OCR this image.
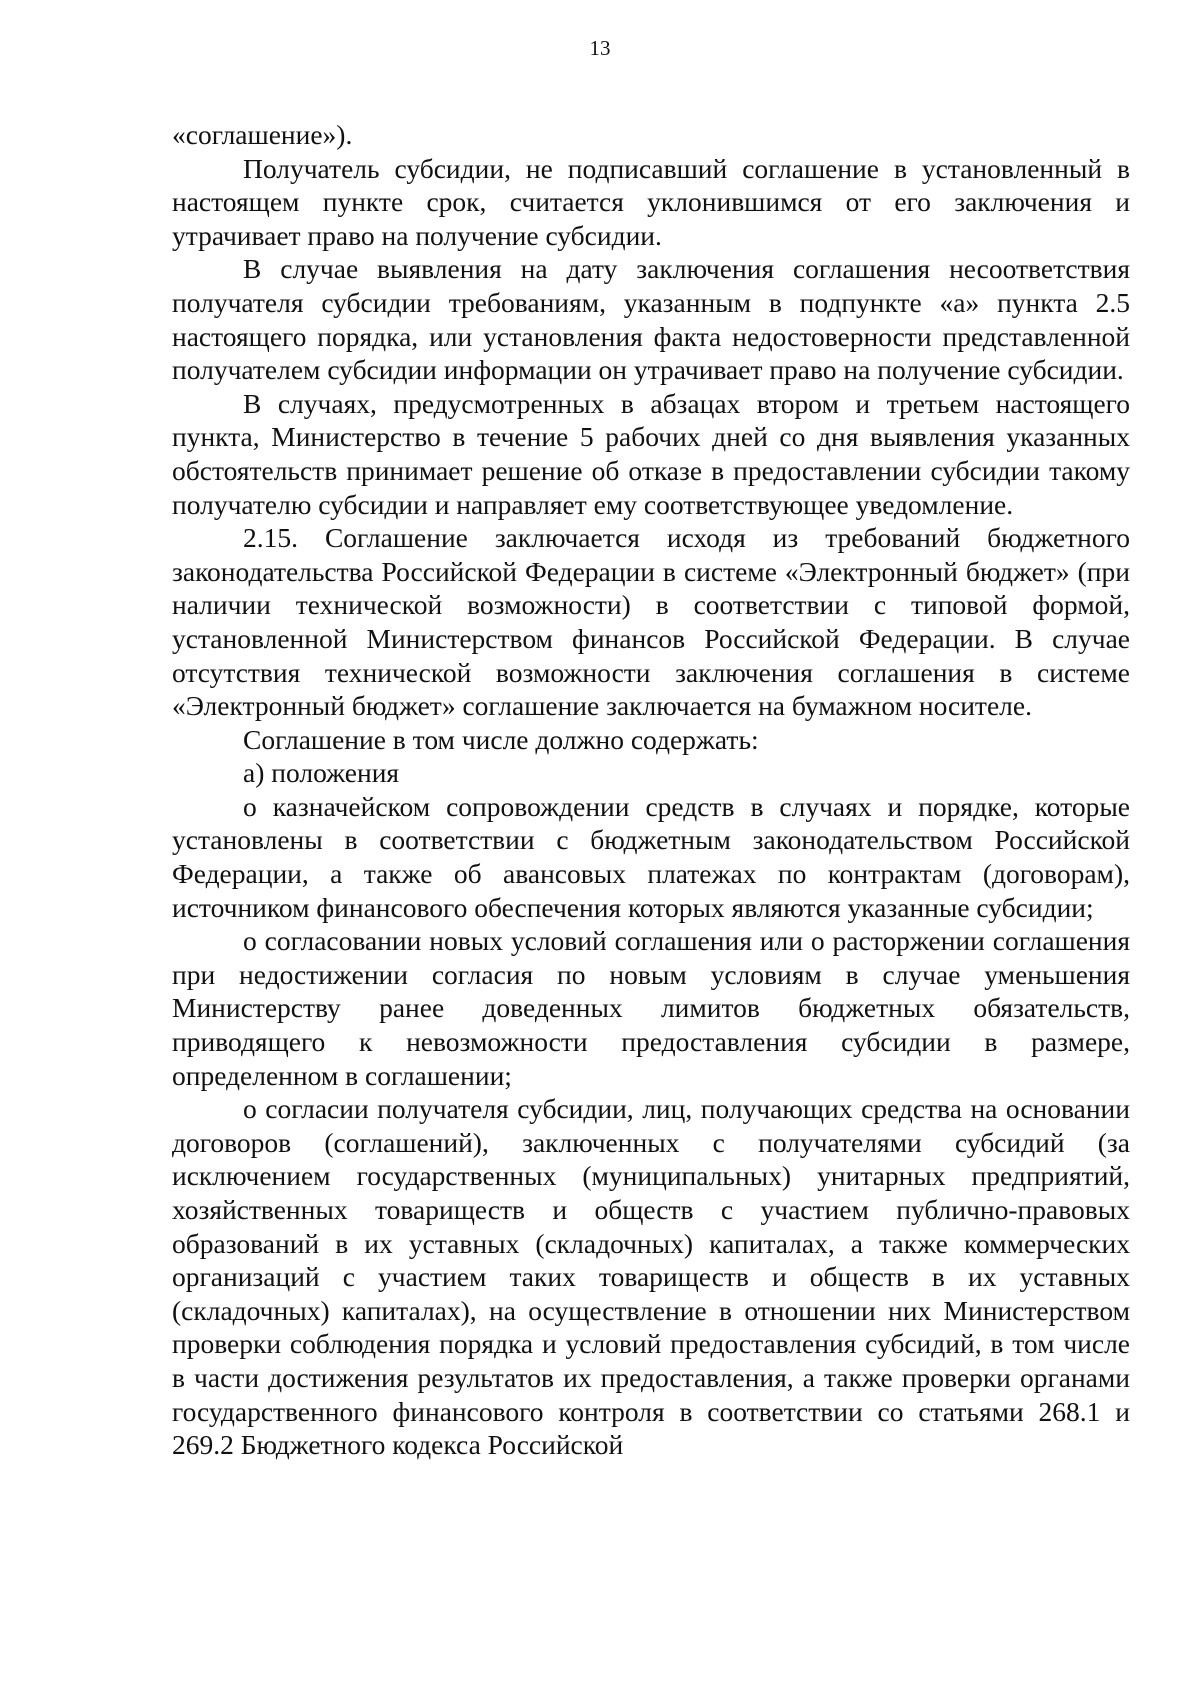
13

«соглашение»).

Получатель субсидии, не подписавший соглашение в установленный в настоящем пункте срок, считается уклонившимся от его заключения и утрачивает право на получение субсидии.

В случае выявления на дату заключения соглашения несоответствия получателя субсидии требованиям, указанным в подпункте «а» пункта 2.5 настоящего порядка, или установления факта недостоверности представленной получателем субсидии информации он утрачивает право на получение субсидии.

В случаях, предусмотренных в абзацах втором и третьем настоящего пункта, Министерство в течение 5 рабочих дней со дня выявления указанных обстоятельств принимает решение об отказе в предоставлении субсидии такому получателю субсидии и направляет ему соответствующее уведомление.

2.15. Соглашение заключается исходя из требований бюджетного законодательства Российской Федерации в системе «Электронный бюджет» (при наличии технической возможности) в соответствии с типовой формой, установленной Министерством финансов Российской Федерации. В случае отсутствия технической возможности заключения соглашения в системе «Электронный бюджет» соглашение заключается на бумажном носителе.

Соглашение в том числе должно содержать:

а) положения

о казначейском сопровождении средств в случаях и порядке, которые установлены в соответствии с бюджетным законодательством Российской Федерации, а также об авансовых платежах по контрактам (договорам), источником финансового обеспечения которых являются указанные субсидии;

о согласовании новых условий соглашения или о расторжении соглашения при недостижении согласия по новым условиям в случае уменьшения Министерству ранее доведенных лимитов бюджетных обязательств, приводящего к невозможности предоставления субсидии в размере, определенном в соглашении;

о согласии получателя субсидии, лиц, получающих средства на основании договоров (соглашений), заключенных с получателями субсидий (за исключением государственных (муниципальных) унитарных предприятий, хозяйственных товариществ и обществ с участием публично-правовых образований в их уставных (складочных) капиталах, а также коммерческих организаций с участием таких товариществ и обществ в их уставных (складочных) капиталах), на осуществление в отношении них Министерством проверки соблюдения порядка и условий предоставления субсидий, в том числе в части достижения результатов их предоставления, а также проверки органами государственного финансового контроля в соответствии со статьями 268.1 и 269.2 Бюджетного кодекса Российской
